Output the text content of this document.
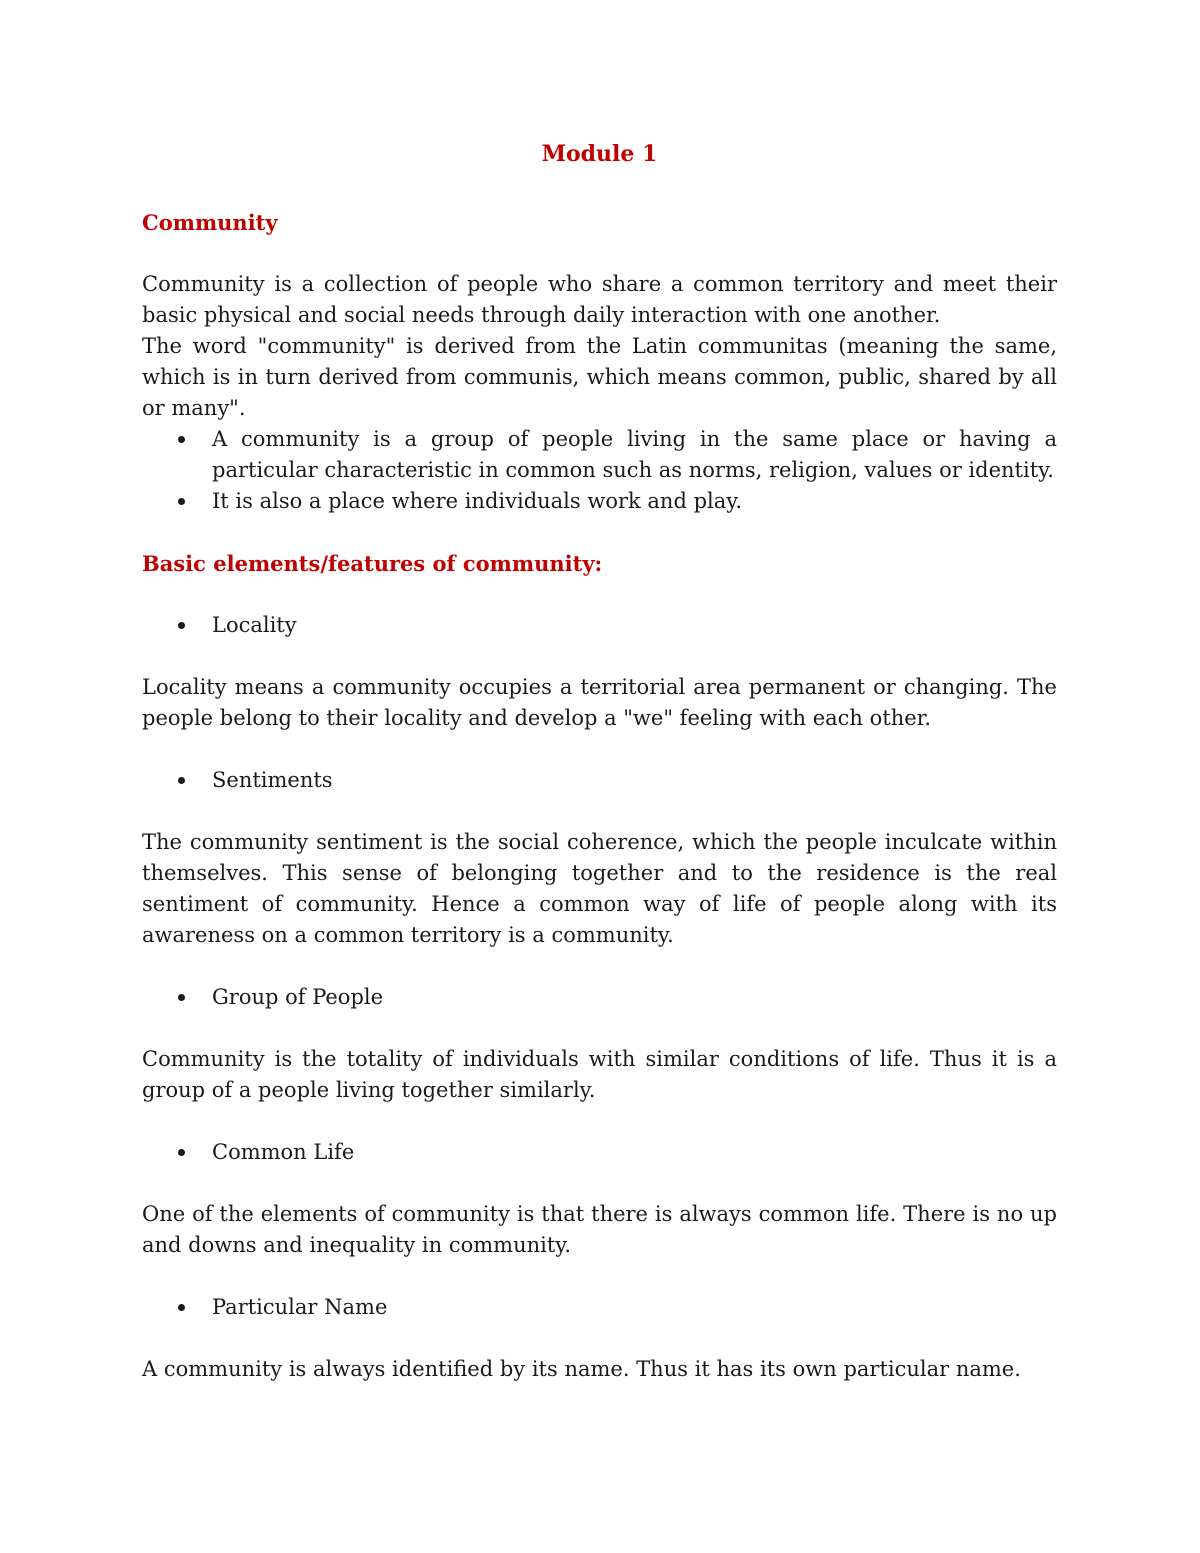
Module 1
Community

Community is a collection of people who share a common territory and meet their basic physical and social needs through daily interaction with one another.

The word "community" is derived from the Latin communitas (meaning the same, which is in turn derived from communis, which means common, public, shared by all or many".

A community is a group of people living in the same place or having a particular characteristic in common such as norms, religion, values or identity.
It is also a place where individuals work and play.
Basic elements/features of community:
Locality

Locality means a community occupies a territorial area permanent or changing. The people belong to their locality and develop a "we" feeling with each other.

Sentiments

The community sentiment is the social coherence, which the people inculcate within themselves. This sense of belonging together and to the residence is the real sentiment of community. Hence a common way of life of people along with its awareness on a common territory is a community.

Group of People

Community is the totality of individuals with similar conditions of life. Thus it is a group of a people living together similarly.

Common Life

One of the elements of community is that there is always common life. There is no up and downs and inequality in community.

Particular Name

A community is always identified by its name. Thus it has its own particular name.
